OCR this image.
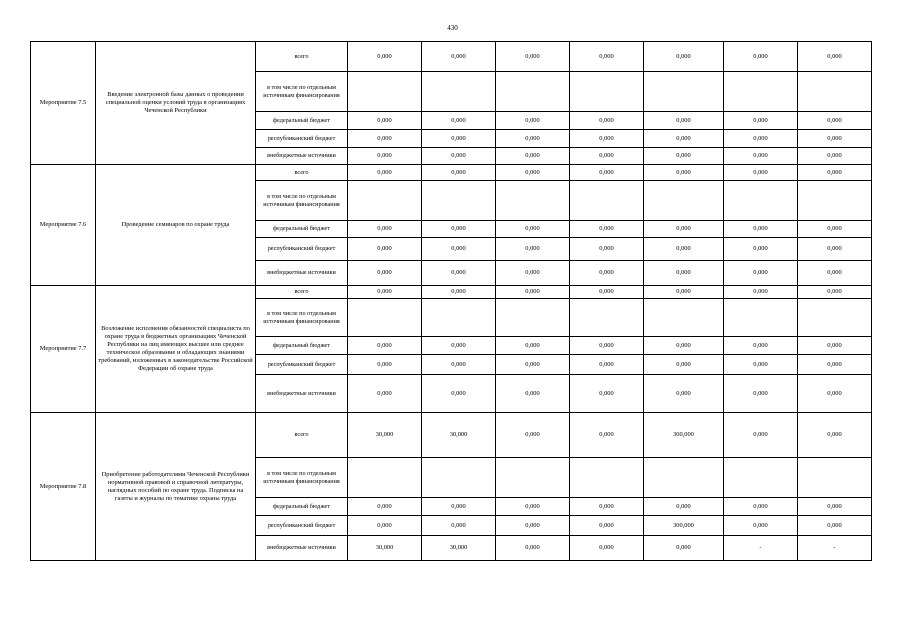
430
Мероприятие 7.5	Введение электронной базы данных о проведении специальной оценки условий труда в организациях Чеченской Республики	всего	0,000	0,000	0,000	0,000	0,000	0,000	0,000
		в том числе по отдельным источникам финансирования							
		федеральный бюджет	0,000	0,000	0,000	0,000	0,000	0,000	0,000
		республиканский бюджет	0,000	0,000	0,000	0,000	0,000	0,000	0,000
		внебюджетные источники	0,000	0,000	0,000	0,000	0,000	0,000	0,000
Мероприятие 7.6	Проведение семинаров по охране труда	всего	0,000	0,000	0,000	0,000	0,000	0,000	0,000
		в том числе по отдельным источникам финансирования							
		федеральный бюджет	0,000	0,000	0,000	0,000	0,000	0,000	0,000
		республиканский бюджет	0,000	0,000	0,000	0,000	0,000	0,000	0,000
		внебюджетные источники	0,000	0,000	0,000	0,000	0,000	0,000	0,000
Мероприятие 7.7	Возложение исполнения обязанностей специалиста по охране труда в бюджетных организациях Чеченской Республики на лиц имеющих высшее или среднее техническое образование и обладающих знаниями требований, изложенных в законодательстве Российской Федерации об охране труда	всего	0,000	0,000	0,000	0,000	0,000	0,000	0,000
		в том числе по отдельным источникам финансирования							
		федеральный бюджет	0,000	0,000	0,000	0,000	0,000	0,000	0,000
		республиканский бюджет	0,000	0,000	0,000	0,000	0,000	0,000	0,000
		внебюджетные источники	0,000	0,000	0,000	0,000	0,000	0,000	0,000
Мероприятие 7.8	Приобретение работодателями Чеченской Республики нормативной правовой и справочной литературы, наглядных пособий по охране труда. Подписка на газеты и журналы по тематике охраны труда	всего	30,000	30,000	0,000	0,000	300,000	0,000	0,000
		в том числе по отдельным источникам финансирования							
		федеральный бюджет	0,000	0,000	0,000	0,000	0,000	0,000	0,000
		республиканский бюджет	0,000	0,000	0,000	0,000	300,000	0,000	0,000
		внебюджетные источники	30,000	30,000	0,000	0,000	0,000	-	-
